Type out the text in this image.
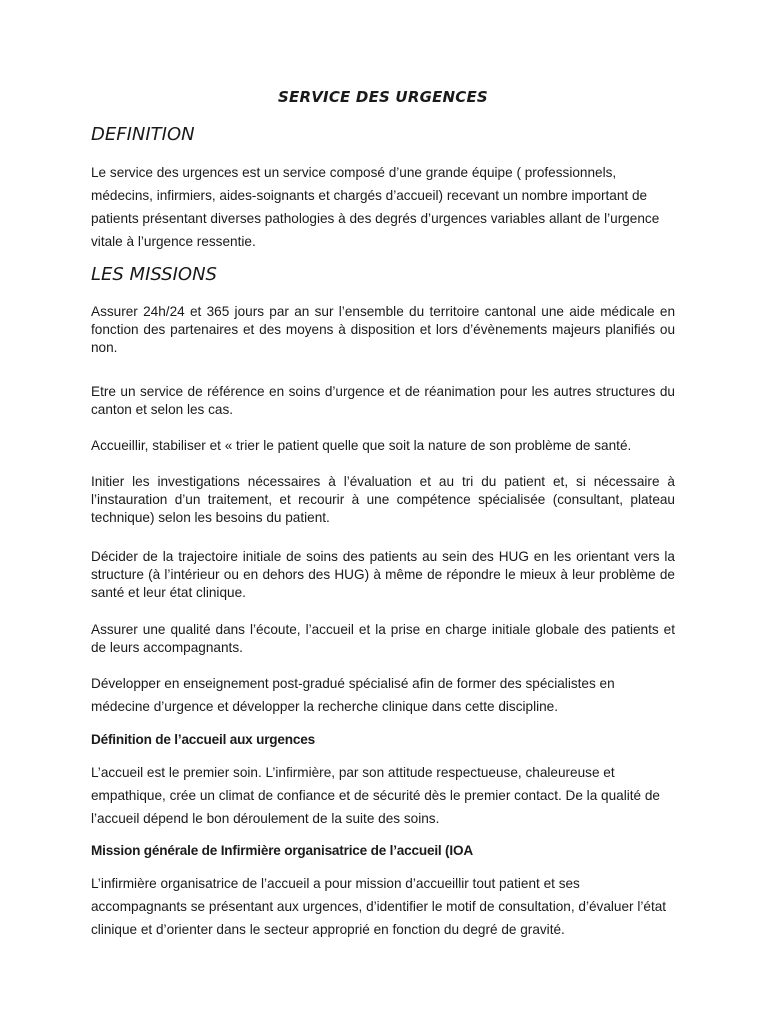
SERVICE DES URGENCES
DEFINITION

Le service des urgences est un service composé d’une grande équipe ( professionnels, médecins, infirmiers, aides-soignants et chargés d’accueil) recevant un nombre important de patients présentant diverses pathologies à des degrés d’urgences variables allant de l’urgence vitale à l’urgence ressentie.

LES MISSIONS

Assurer 24h/24 et 365 jours par an sur l’ensemble du territoire cantonal une aide médicale en fonction des partenaires et des moyens à disposition et lors d’évènements majeurs planifiés ou non.

Etre un service de référence en soins d’urgence et de réanimation pour les autres structures du canton et selon les cas.

Accueillir, stabiliser et « trier le patient quelle que soit la nature de son problème de santé.

Initier les investigations nécessaires à l’évaluation et au tri du patient et, si nécessaire à l’instauration d’un traitement, et recourir à une compétence spécialisée (consultant, plateau technique) selon les besoins du patient.

Décider de la trajectoire initiale de soins des patients au sein des HUG en les orientant vers la structure (à l’intérieur ou en dehors des HUG) à même de répondre le mieux à leur problème de santé et leur état clinique.

Assurer une qualité dans l’écoute, l’accueil et la prise en charge initiale globale des patients et de leurs accompagnants.

Développer en enseignement post-gradué spécialisé afin de former des spécialistes en médecine d’urgence et développer la recherche clinique dans cette discipline.

Définition de l’accueil aux urgences

L’accueil est le premier soin. L’infirmière, par son attitude respectueuse, chaleureuse et empathique, crée un climat de confiance et de sécurité dès le premier contact. De la qualité de l’accueil dépend le bon déroulement de la suite des soins.

Mission générale de Infirmière organisatrice de l’accueil (IOA

L’infirmière organisatrice de l’accueil a pour mission d’accueillir tout patient et ses accompagnants se présentant aux urgences, d’identifier le motif de consultation, d’évaluer l’état clinique et d’orienter dans le secteur approprié en fonction du degré de gravité.
